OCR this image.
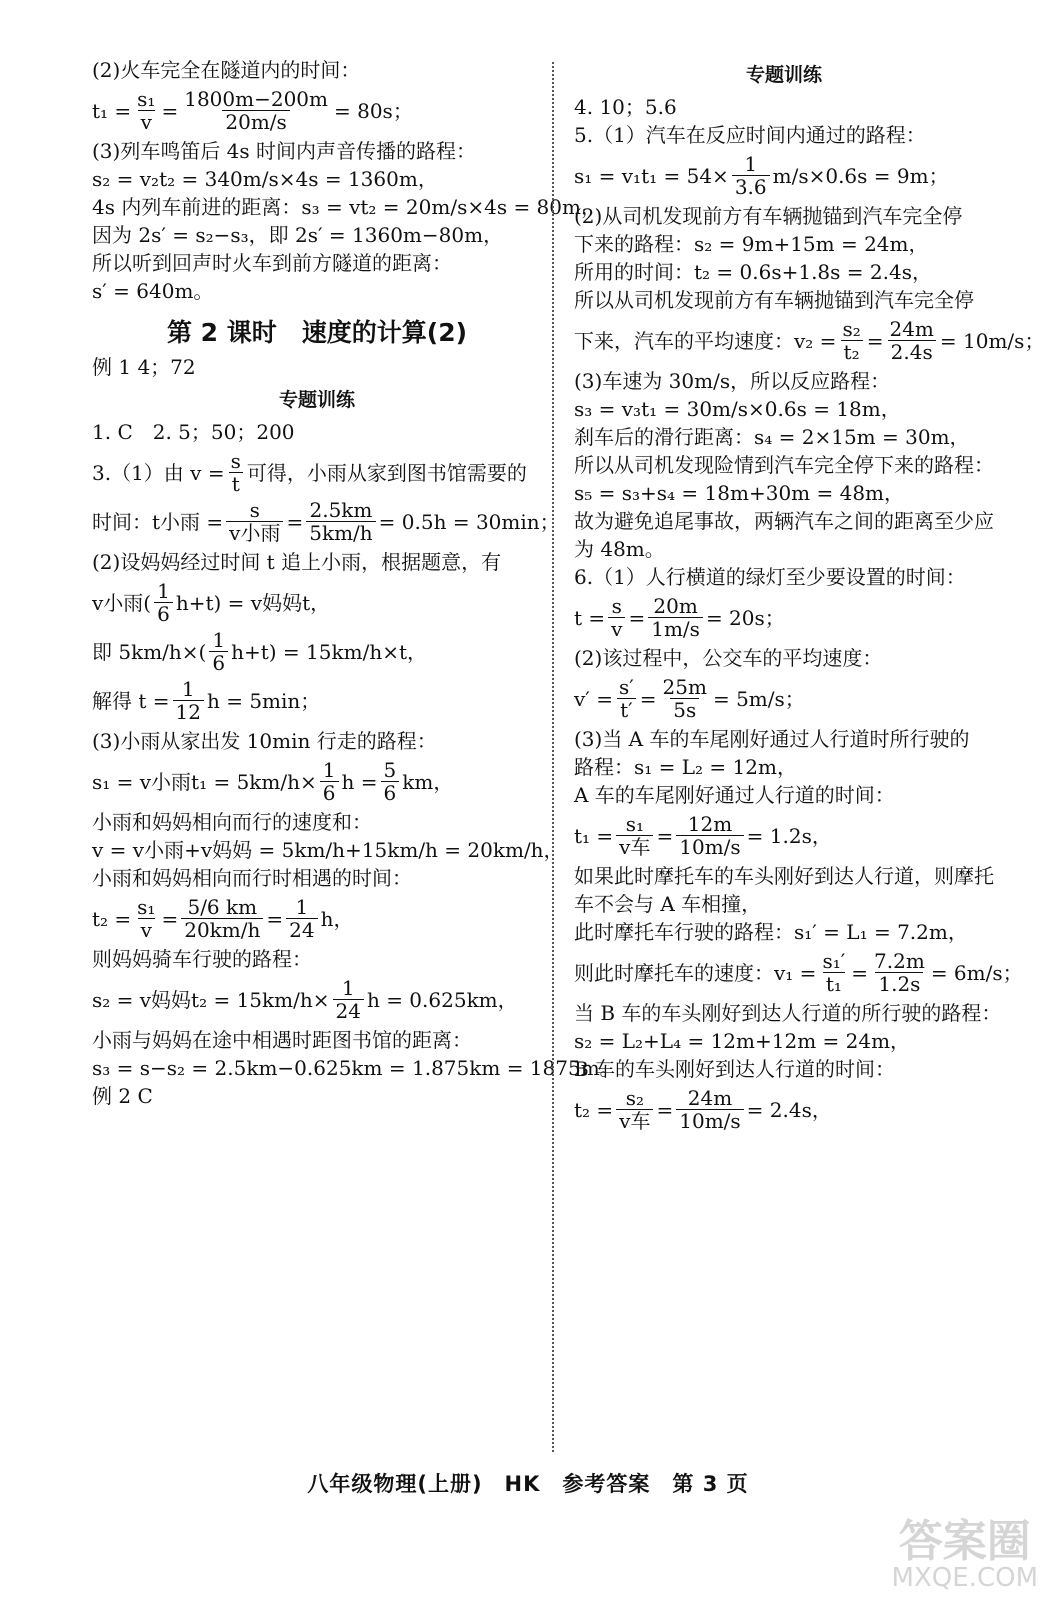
(2)火车完全在隧道内的时间：
$t_1 = \frac{\text{s₁}}{v} = \frac{1800m-200m}{20m/s} = 80s$；
(3)列车鸣笛后 4s 时间内声音传播的路程：
s₂ = v₂t₂ = 340m/s×4s = 1360m，
4s 内列车前进的距离：s₃ = vt₂ = 20m/s×4s = 80m，
因为 2s′ = s₂−s₃，即 2s′ = 1360m−80m，
所以听到回声时火车到前方隧道的距离：
s′ = 640m。
第 2 课时　速度的计算(2)
例 1 4；72
专题训练
1. C　2. 5；50；200
3.（1）由 $v = \frac{s}{t}$ 可得，小雨从家到图书馆需要的
时间：t小雨 = $\frac{s}{\text{v小雨}} = \frac{2.5km}{5km/h} = 0.5h = 30\min$；
(2)设妈妈经过时间 t 追上小雨，根据题意，有
v小雨( $\frac{1}{6} h+t) = v$妈妈t，
即 $5km/h\times( \frac{1}{6} h+t) = 15km/h\times t$，
解得 $t = \frac{1}{12}$ h = 5min；
(3)小雨从家出发 10min 行走的路程：
s₁ = v小雨$t_1 = 5km/h\times \frac{1}{6}$ $h = \frac{5}{6}$ km，
小雨和妈妈相向而行的速度和：
v = v小雨+v妈妈 = 5km/h+15km/h = 20km/h，
小雨和妈妈相向而行时相遇的时间：
$t_2 = \frac{\text{s₁}}{v} = \frac{5/6 km}{20km/h} = \frac{1}{24}$ h，
则妈妈骑车行驶的路程：
s₂ = v妈妈$t_2 = 15km/h\times \frac{1}{24}$ h = 0.625km，
小雨与妈妈在途中相遇时距图书馆的距离：
s₃ = s−s₂ = 2.5km−0.625km = 1.875km = 1875m。
例 2 C
专题训练
4. 10；5.6
5.（1）汽车在反应时间内通过的路程：
$s_1 = v_1t_1 = 54\times \frac{1}{3.6} m/s\times 0.6s = 9m$；
(2)从司机发现前方有车辆抛锚到汽车完全停
下来的路程：s₂ = 9m+15m = 24m，
所用的时间：t₂ = 0.6s+1.8s = 2.4s，
所以从司机发现前方有车辆抛锚到汽车完全停
下来，汽车的平均速度：$v_2 = \frac{\text{s₂}}{\text{t₂}} = \frac{24m}{2.4s} = 10m/s$；
(3)车速为 30m/s，所以反应路程：
s₃ = v₃t₁ = 30m/s×0.6s = 18m，
刹车后的滑行距离：s₄ = 2×15m = 30m，
所以从司机发现险情到汽车完全停下来的路程：
s₅ = s₃+s₄ = 18m+30m = 48m，
故为避免追尾事故，两辆汽车之间的距离至少应
为 48m。
6.（1）人行横道的绿灯至少要设置的时间：
$t = \frac{s}{v} = \frac{20m}{1m/s} = 20s$；
(2)该过程中，公交车的平均速度：
$v' = \frac{s'}{t'} = \frac{25m}{5s} = 5m/s$；
(3)当 A 车的车尾刚好通过人行道时所行驶的
路程：s₁ = L₂ = 12m，
A 车的车尾刚好通过人行道的时间：
$t_1 = \frac{\text{s₁}}{\text{v车}} = \frac{12m}{10m/s} = 1.2s$，
如果此时摩托车的车头刚好到达人行道，则摩托
车不会与 A 车相撞，
此时摩托车行驶的路程：s₁′ = L₁ = 7.2m，
则此时摩托车的速度：$v_1 = \frac{\text{s₁′}}{\text{t₁}} = \frac{7.2m}{1.2s} = 6m/s$；
当 B 车的车头刚好到达人行道的所行驶的路程：
s₂ = L₂+L₄ = 12m+12m = 24m，
B 车的车头刚好到达人行道的时间：
$t_2 = \frac{\text{s₂}}{\text{v车}} = \frac{24m}{10m/s} = 2.4s$，
八年级物理(上册)　HK　参考答案　第 3 页
答案圈
MXQE.COM
